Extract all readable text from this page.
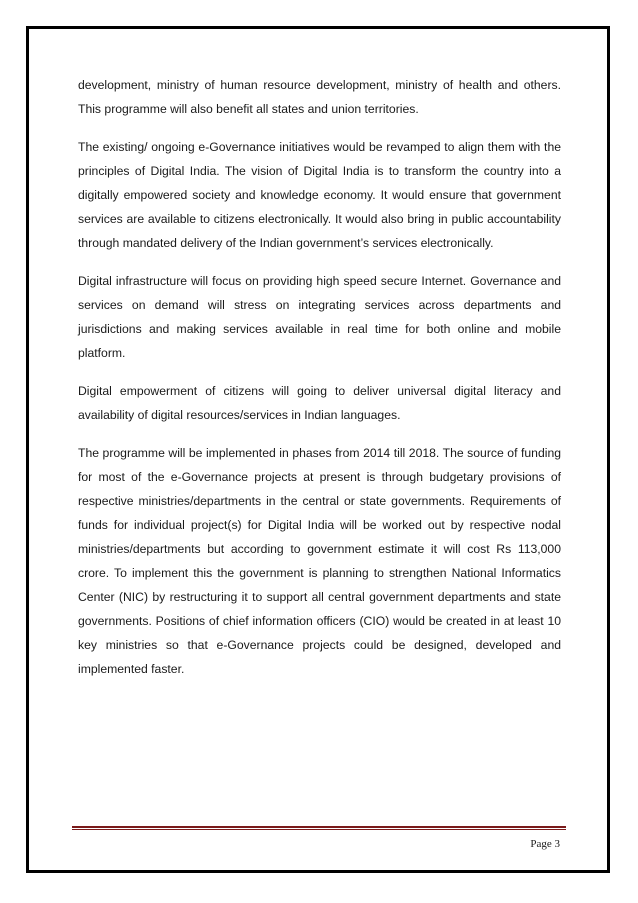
development, ministry of human resource development, ministry of health and others. This programme will also benefit all states and union territories.

The existing/ ongoing e-Governance initiatives would be revamped to align them with the principles of Digital India. The vision of Digital India is to transform the country into a digitally empowered society and knowledge economy. It would ensure that government services are available to citizens electronically. It would also bring in public accountability through mandated delivery of the Indian government’s services electronically.

Digital infrastructure will focus on providing high speed secure Internet. Governance and services on demand will stress on integrating services across departments and jurisdictions and making services available in real time for both online and mobile platform.

Digital empowerment of citizens will going to deliver universal digital literacy and availability of digital resources/services in Indian languages.

The programme will be implemented in phases from 2014 till 2018. The source of funding for most of the e-Governance projects at present is through budgetary provisions of respective ministries/departments in the central or state governments. Requirements of funds for individual project(s) for Digital India will be worked out by respective nodal ministries/departments but according to government estimate it will cost Rs 113,000 crore. To implement this the government is planning to strengthen National Informatics Center (NIC) by restructuring it to support all central government departments and state governments. Positions of chief information officers (CIO) would be created in at least 10 key ministries so that e-Governance projects could be designed, developed and implemented faster.

Page 3
